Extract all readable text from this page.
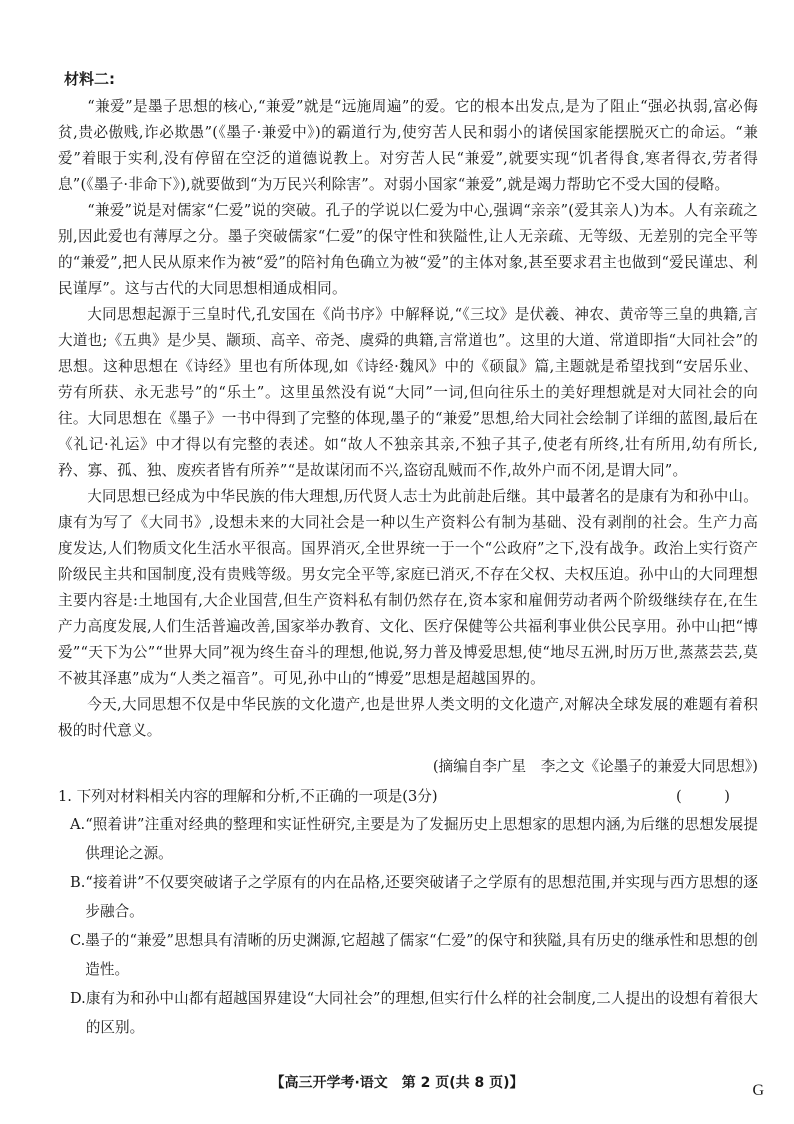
材料二:

“兼爱”是墨子思想的核心,“兼爱”就是“远施周遍”的爱。它的根本出发点,是为了阻止“强必执弱,富必侮贫,贵必傲贱,诈必欺愚”(《墨子·兼爱中》)的霸道行为,使穷苦人民和弱小的诸侯国家能摆脱灭亡的命运。“兼爱”着眼于实利,没有停留在空泛的道德说教上。对穷苦人民“兼爱”,就要实现“饥者得食,寒者得衣,劳者得息”(《墨子·非命下》),就要做到“为万民兴利除害”。对弱小国家“兼爱”,就是竭力帮助它不受大国的侵略。

“兼爱”说是对儒家“仁爱”说的突破。孔子的学说以仁爱为中心,强调“亲亲”(爱其亲人)为本。人有亲疏之别,因此爱也有薄厚之分。墨子突破儒家“仁爱”的保守性和狭隘性,让人无亲疏、无等级、无差别的完全平等的“兼爱”,把人民从原来作为被“爱”的陪衬角色确立为被“爱”的主体对象,甚至要求君主也做到“爱民谨忠、利民谨厚”。这与古代的大同思想相通成相同。

大同思想起源于三皇时代,孔安国在《尚书序》中解释说,“《三坟》是伏羲、神农、黄帝等三皇的典籍,言大道也;《五典》是少昊、颛顼、高辛、帝尧、虞舜的典籍,言常道也”。这里的大道、常道即指“大同社会”的思想。这种思想在《诗经》里也有所体现,如《诗经·魏风》中的《硕鼠》篇,主题就是希望找到“安居乐业、劳有所获、永无悲号”的“乐土”。这里虽然没有说“大同”一词,但向往乐土的美好理想就是对大同社会的向往。大同思想在《墨子》一书中得到了完整的体现,墨子的“兼爱”思想,给大同社会绘制了详细的蓝图,最后在《礼记·礼运》中才得以有完整的表述。如“故人不独亲其亲,不独子其子,使老有所终,壮有所用,幼有所长,矜、寡、孤、独、废疾者皆有所养”“是故谋闭而不兴,盗窃乱贼而不作,故外户而不闭,是谓大同”。

大同思想已经成为中华民族的伟大理想,历代贤人志士为此前赴后继。其中最著名的是康有为和孙中山。康有为写了《大同书》,设想未来的大同社会是一种以生产资料公有制为基础、没有剥削的社会。生产力高度发达,人们物质文化生活水平很高。国界消灭,全世界统一于一个“公政府”之下,没有战争。政治上实行资产阶级民主共和国制度,没有贵贱等级。男女完全平等,家庭已消灭,不存在父权、夫权压迫。孙中山的大同理想主要内容是:土地国有,大企业国营,但生产资料私有制仍然存在,资本家和雇佣劳动者两个阶级继续存在,在生产力高度发展,人们生活普遍改善,国家举办教育、文化、医疗保健等公共福利事业供公民享用。孙中山把“博爱”“天下为公”“世界大同”视为终生奋斗的理想,他说,努力普及博爱思想,使“地尽五洲,时历万世,蒸蒸芸芸,莫不被其泽惠”成为“人类之福音”。可见,孙中山的“博爱”思想是超越国界的。

今天,大同思想不仅是中华民族的文化遗产,也是世界人类文明的文化遗产,对解决全球发展的难题有着积极的时代意义。

(摘编自李广星　李之文《论墨子的兼爱大同思想》)
1. 下列对材料相关内容的理解和分析,不正确的一项是(3分)	(　)
A. “照着讲”注重对经典的整理和实证性研究,主要是为了发掘历史上思想家的思想内涵,为后继的思想发展提供理论之源。
B. “接着讲”不仅要突破诸子之学原有的内在品格,还要突破诸子之学原有的思想范围,并实现与西方思想的逐步融合。
C. 墨子的“兼爱”思想具有清晰的历史渊源,它超越了儒家“仁爱”的保守和狭隘,具有历史的继承性和思想的创造性。
D. 康有为和孙中山都有超越国界建设“大同社会”的理想,但实行什么样的社会制度,二人提出的设想有着很大的区别。
【高三开学考·语文　第 2 页(共 8 页)】	G
